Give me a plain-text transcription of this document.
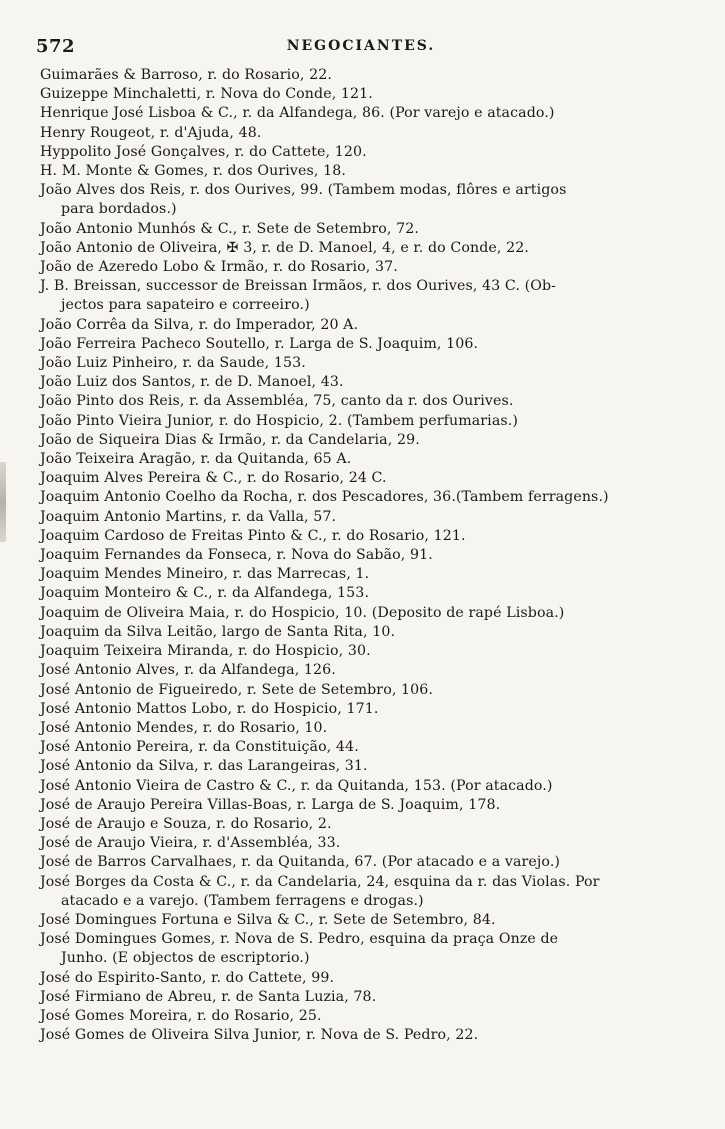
572	NEGOCIANTES.
Guimarães & Barroso, r. do Rosario, 22.
Guizeppe Minchaletti, r. Nova do Conde, 121.
Henrique José Lisboa & C., r. da Alfandega, 86. (Por varejo e atacado.)
Henry Rougeot, r. d'Ajuda, 48.
Hyppolito José Gonçalves, r. do Cattete, 120.
H. M. Monte & Gomes, r. dos Ourives, 18.
João Alves dos Reis, r. dos Ourives, 99. (Tambem modas, flôres e artigos
para bordados.)
João Antonio Munhós & C., r. Sete de Setembro, 72.
João Antonio de Oliveira, ✠ 3, r. de D. Manoel, 4, e r. do Conde, 22.
João de Azeredo Lobo & Irmão, r. do Rosario, 37.
J. B. Breissan, successor de Breissan Irmãos, r. dos Ourives, 43 C. (Ob-
jectos para sapateiro e correeiro.)
João Corrêa da Silva, r. do Imperador, 20 A.
João Ferreira Pacheco Soutello, r. Larga de S. Joaquim, 106.
João Luiz Pinheiro, r. da Saude, 153.
João Luiz dos Santos, r. de D. Manoel, 43.
João Pinto dos Reis, r. da Assembléa, 75, canto da r. dos Ourives.
João Pinto Vieira Junior, r. do Hospicio, 2. (Tambem perfumarias.)
João de Siqueira Dias & Irmão, r. da Candelaria, 29.
João Teixeira Aragão, r. da Quitanda, 65 A.
Joaquim Alves Pereira & C., r. do Rosario, 24 C.
Joaquim Antonio Coelho da Rocha, r. dos Pescadores, 36.(Tambem ferragens.)
Joaquim Antonio Martins, r. da Valla, 57.
Joaquim Cardoso de Freitas Pinto & C., r. do Rosario, 121.
Joaquim Fernandes da Fonseca, r. Nova do Sabão, 91.
Joaquim Mendes Mineiro, r. das Marrecas, 1.
Joaquim Monteiro & C., r. da Alfandega, 153.
Joaquim de Oliveira Maia, r. do Hospicio, 10. (Deposito de rapé Lisboa.)
Joaquim da Silva Leitão, largo de Santa Rita, 10.
Joaquim Teixeira Miranda, r. do Hospicio, 30.
José Antonio Alves, r. da Alfandega, 126.
José Antonio de Figueiredo, r. Sete de Setembro, 106.
José Antonio Mattos Lobo, r. do Hospicio, 171.
José Antonio Mendes, r. do Rosario, 10.
José Antonio Pereira, r. da Constituição, 44.
José Antonio da Silva, r. das Larangeiras, 31.
José Antonio Vieira de Castro & C., r. da Quitanda, 153. (Por atacado.)
José de Araujo Pereira Villas-Boas, r. Larga de S. Joaquim, 178.
José de Araujo e Souza, r. do Rosario, 2.
José de Araujo Vieira, r. d'Assembléa, 33.
José de Barros Carvalhaes, r. da Quitanda, 67. (Por atacado e a varejo.)
José Borges da Costa & C., r. da Candelaria, 24, esquina da r. das Violas. Por
atacado e a varejo. (Tambem ferragens e drogas.)
José Domingues Fortuna e Silva & C., r. Sete de Setembro, 84.
José Domingues Gomes, r. Nova de S. Pedro, esquina da praça Onze de
Junho. (E objectos de escriptorio.)
José do Espirito-Santo, r. do Cattete, 99.
José Firmiano de Abreu, r. de Santa Luzia, 78.
José Gomes Moreira, r. do Rosario, 25.
José Gomes de Oliveira Silva Junior, r. Nova de S. Pedro, 22.
